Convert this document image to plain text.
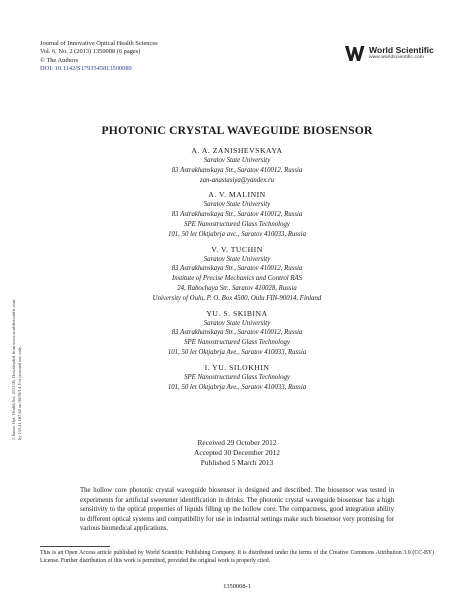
Journal of Innovative Optical Health Sciences
Vol. 6, No. 2 (2013) 1350008 (6 pages)
© The Authors
DOI: 10.1142/S1793545813500089
World Scientific
www.worldscientific.com
J. Innov. Opt. Health Sci. 2013.06. Downloaded from www.worldscientific.com by 103.41.167.64 on 06/19/14. For personal use only.
PHOTONIC CRYSTAL WAVEGUIDE BIOSENSOR
A. A. ZANISHEVSKAYA
Saratov State University
83 Astrakhanskaya Str., Saratov 410012, Russia
zan-anastasiya@yandex.ru
A. V. MALININ
Saratov State University
83 Astrakhanskaya Str., Saratov 410012, Russia
SPE Nanostructured Glass Technology
101, 50 let Oktjabrja avc., Saratov 410033, Russia
V. V. TUCHIN
Saratov State University
83 Astrakhanskaya Str., Saratov 410012, Russia
Institute of Precise Mechanics and Control RAS
24, Rabochaya Str., Saratov 410028, Russia
University of Oulu, P. O. Box 4500, Oulu FIN-90014, Finland
YU. S. SKIBINA
Saratov State University
83 Astrakhanskaya Str., Saratov 410012, Russia
SPE Nanostructured Glass Technology
101, 50 let Oktjabrja Ave., Saratov 410033, Russia
I. YU. SILOKHIN
SPE Nanostructured Glass Technology
101, 50 let Oktjabrja Ave., Saratov 410033, Russia
Received 29 October 2012
Accepted 30 December 2012
Published 5 March 2013
The hollow core photonic crystal waveguide biosensor is designed and described. The biosensor was tested in experiments for artificial sweetener identification in drinks. The photonic crystal waveguide biosensor has a high sensitivity to the optical properties of liquids filling up the hollow core. The compactness, good integration ability to different optical systems and compatibility for use in industrial settings make such biosensor very promising for various biomedical applications.
This is an Open Access article published by World Scientific Publishing Company. It is distributed under the terms of the Creative Commons Attribution 3.0 (CC-BY) License. Further distribution of this work is permitted, provided the original work is properly cited.
1350008-1
